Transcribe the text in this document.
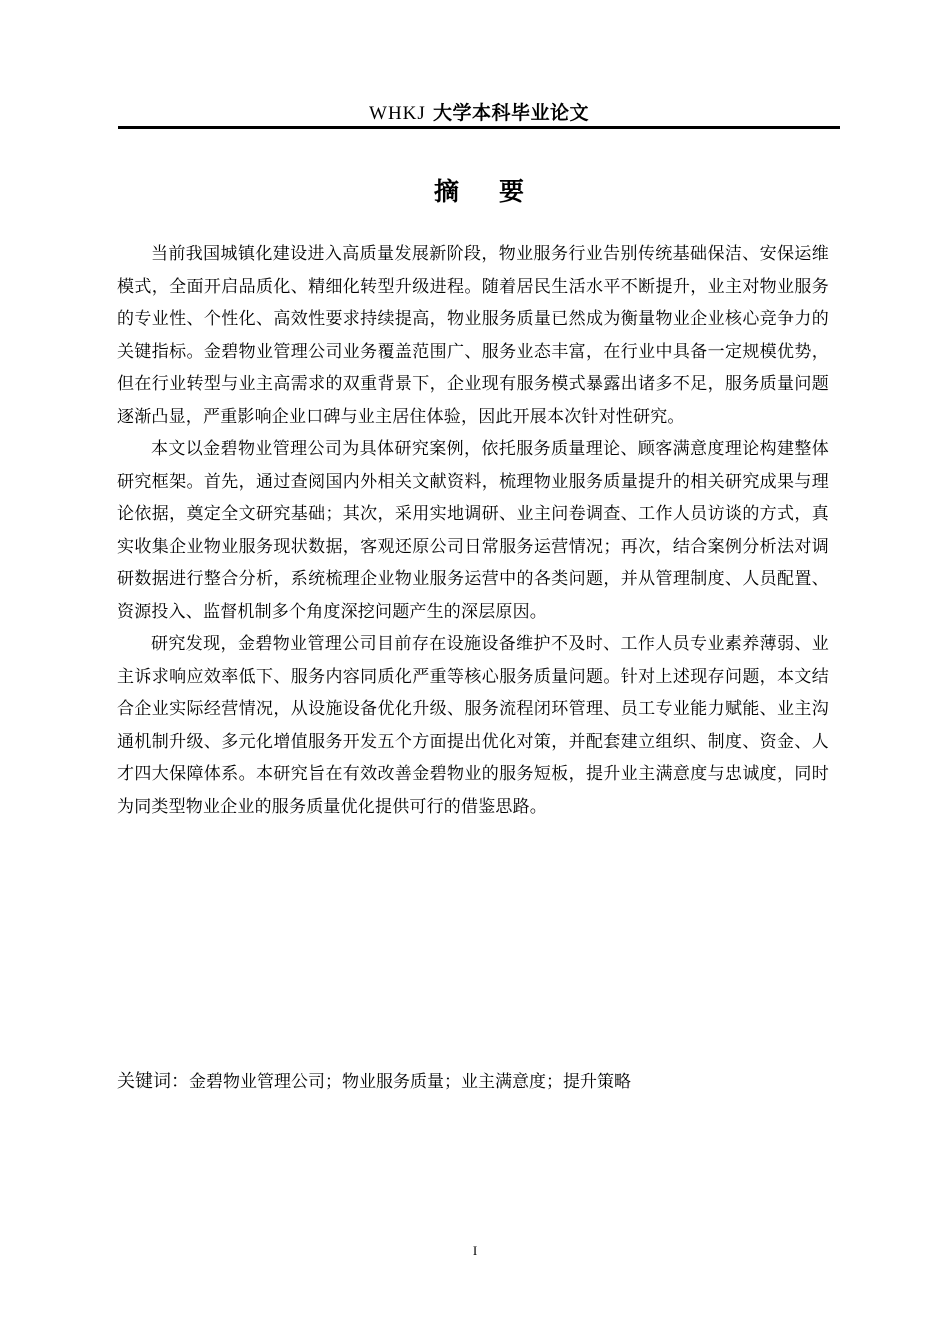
WHKJ 大学本科毕业论文
摘要

当前我国城镇化建设进入高质量发展新阶段，物业服务行业告别传统基础保洁、安保运维模式，全面开启品质化、精细化转型升级进程。随着居民生活水平不断提升，业主对物业服务的专业性、个性化、高效性要求持续提高，物业服务质量已然成为衡量物业企业核心竞争力的关键指标。金碧物业管理公司业务覆盖范围广、服务业态丰富，在行业中具备一定规模优势，但在行业转型与业主高需求的双重背景下，企业现有服务模式暴露出诸多不足，服务质量问题逐渐凸显，严重影响企业口碑与业主居住体验，因此开展本次针对性研究。

本文以金碧物业管理公司为具体研究案例，依托服务质量理论、顾客满意度理论构建整体研究框架。首先，通过查阅国内外相关文献资料，梳理物业服务质量提升的相关研究成果与理论依据，奠定全文研究基础；其次，采用实地调研、业主问卷调查、工作人员访谈的方式，真实收集企业物业服务现状数据，客观还原公司日常服务运营情况；再次，结合案例分析法对调研数据进行整合分析，系统梳理企业物业服务运营中的各类问题，并从管理制度、人员配置、资源投入、监督机制多个角度深挖问题产生的深层原因。

研究发现，金碧物业管理公司目前存在设施设备维护不及时、工作人员专业素养薄弱、业主诉求响应效率低下、服务内容同质化严重等核心服务质量问题。针对上述现存问题，本文结合企业实际经营情况，从设施设备优化升级、服务流程闭环管理、员工专业能力赋能、业主沟通机制升级、多元化增值服务开发五个方面提出优化对策，并配套建立组织、制度、资金、人才四大保障体系。本研究旨在有效改善金碧物业的服务短板，提升业主满意度与忠诚度，同时为同类型物业企业的服务质量优化提供可行的借鉴思路。

关键词：金碧物业管理公司；物业服务质量；业主满意度；提升策略
I
